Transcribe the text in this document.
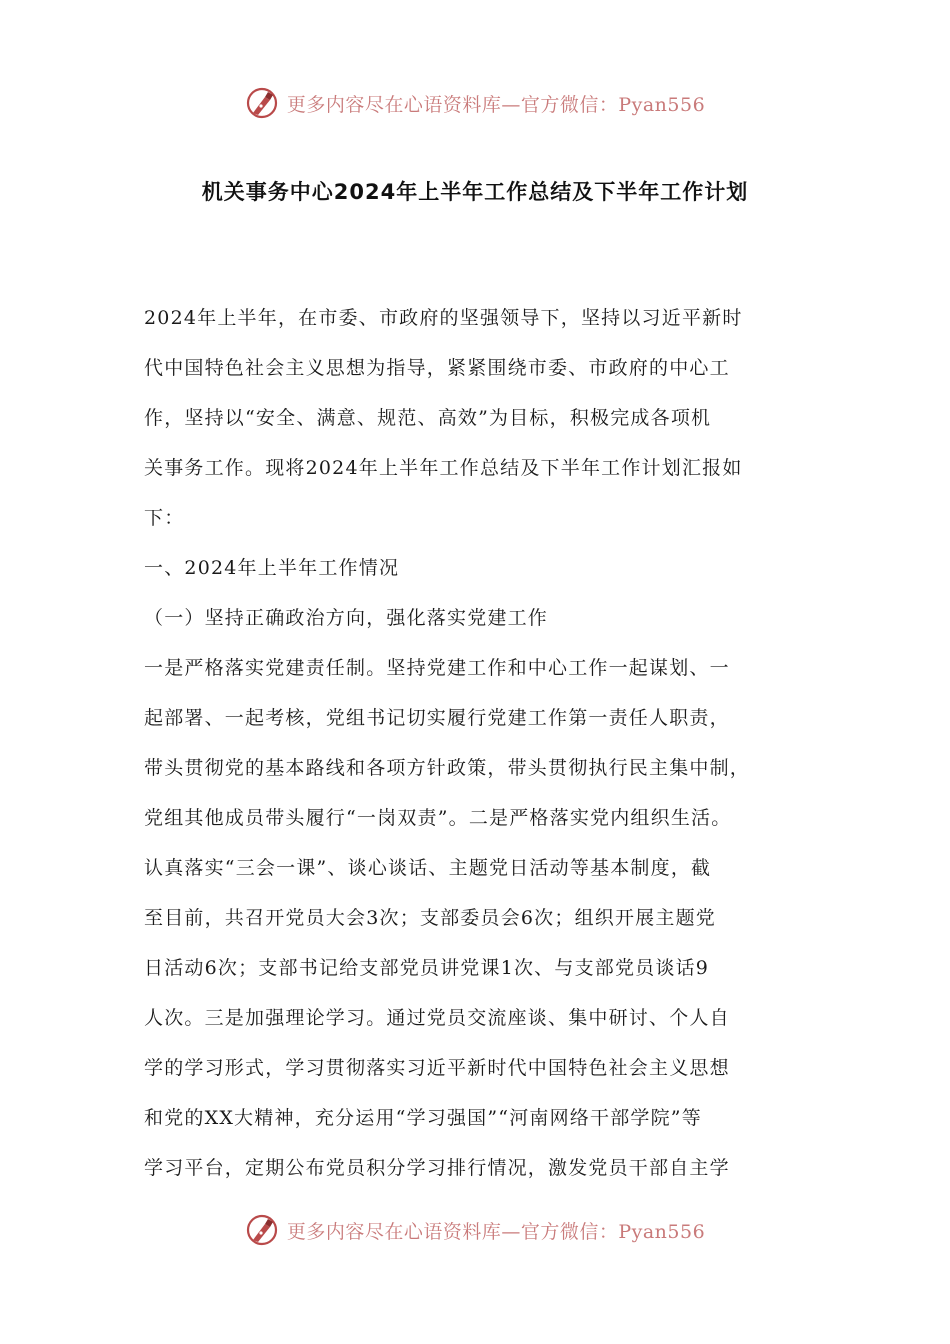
更多内容尽在心语资料库—官方微信：Pyan556
机关事务中心2024年上半年工作总结及下半年工作计划
2024年上半年，在市委、市政府的坚强领导下，坚持以习近平新时
代中国特色社会主义思想为指导，紧紧围绕市委、市政府的中心工
作，坚持以“安全、满意、规范、高效”为目标，积极完成各项机
关事务工作。现将2024年上半年工作总结及下半年工作计划汇报如
下：
一、2024年上半年工作情况
（一）坚持正确政治方向，强化落实党建工作
一是严格落实党建责任制。坚持党建工作和中心工作一起谋划、一
起部署、一起考核，党组书记切实履行党建工作第一责任人职责，
带头贯彻党的基本路线和各项方针政策，带头贯彻执行民主集中制，
党组其他成员带头履行“一岗双责”。二是严格落实党内组织生活。
认真落实“三会一课”、谈心谈话、主题党日活动等基本制度，截
至目前，共召开党员大会3次；支部委员会6次；组织开展主题党
日活动6次；支部书记给支部党员讲党课1次、与支部党员谈话9
人次。三是加强理论学习。通过党员交流座谈、集中研讨、个人自
学的学习形式，学习贯彻落实习近平新时代中国特色社会主义思想
和党的XX大精神，充分运用“学习强国”“河南网络干部学院”等
学习平台，定期公布党员积分学习排行情况，激发党员干部自主学
更多内容尽在心语资料库—官方微信：Pyan556
